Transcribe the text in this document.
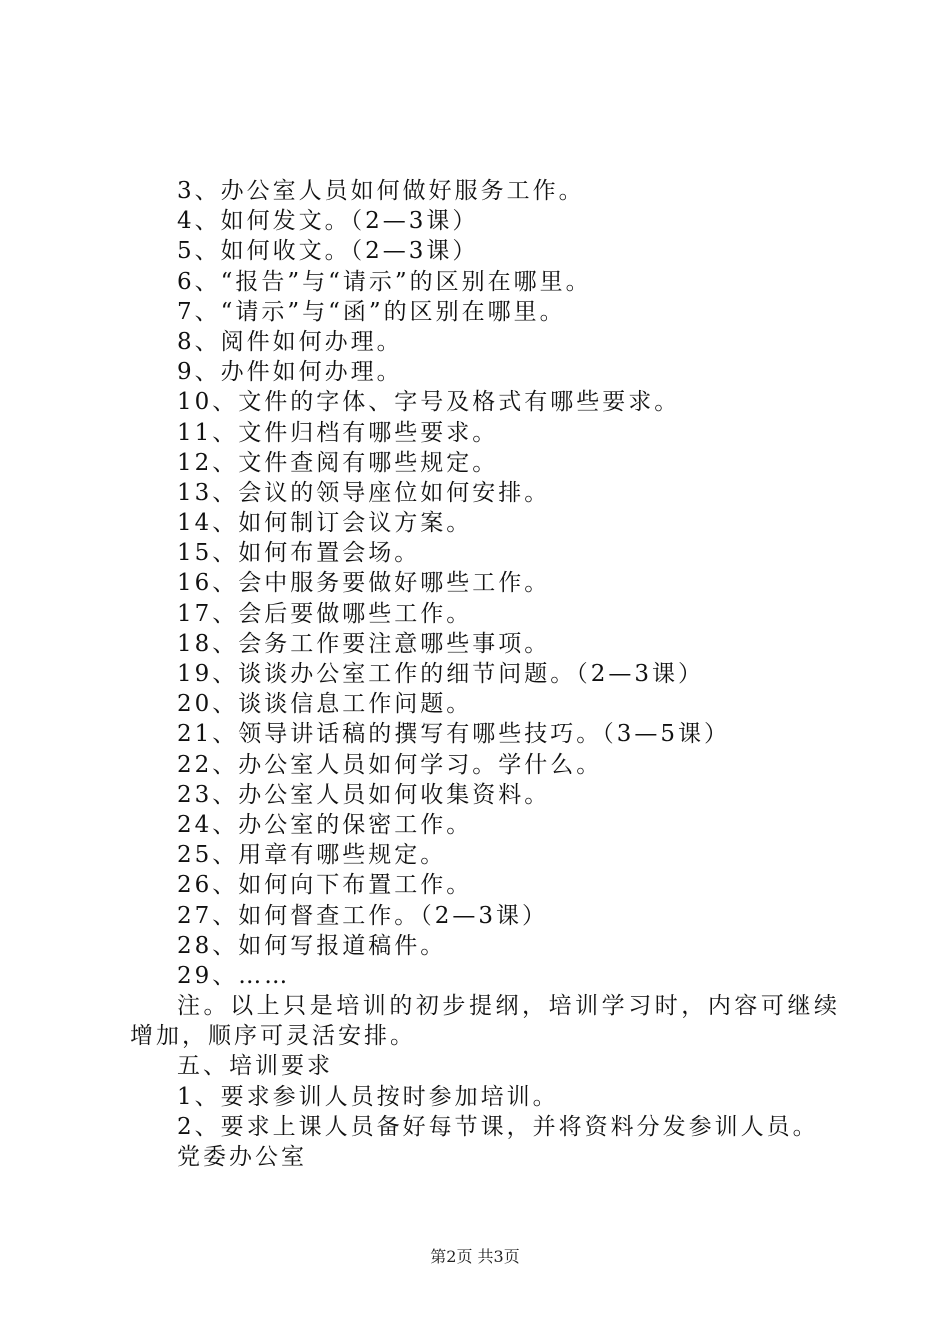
3、办公室人员如何做好服务工作。
4、如何发文。（2—3课）
5、如何收文。（2—3课）
6、“报告”与“请示”的区别在哪里。
7、“请示”与“函”的区别在哪里。
8、阅件如何办理。
9、办件如何办理。
10、文件的字体、字号及格式有哪些要求。
11、文件归档有哪些要求。
12、文件查阅有哪些规定。
13、会议的领导座位如何安排。
14、如何制订会议方案。
15、如何布置会场。
16、会中服务要做好哪些工作。
17、会后要做哪些工作。
18、会务工作要注意哪些事项。
19、谈谈办公室工作的细节问题。（2—3课）
20、谈谈信息工作问题。
21、领导讲话稿的撰写有哪些技巧。（3—5课）
22、办公室人员如何学习。学什么。
23、办公室人员如何收集资料。
24、办公室的保密工作。
25、用章有哪些规定。
26、如何向下布置工作。
27、如何督查工作。（2—3课）
28、如何写报道稿件。
29、……
注。以上只是培训的初步提纲，培训学习时，内容可继续增加，顺序可灵活安排。
五、培训要求
1、要求参训人员按时参加培训。
2、要求上课人员备好每节课，并将资料分发参训人员。
党委办公室
第2页 共3页
